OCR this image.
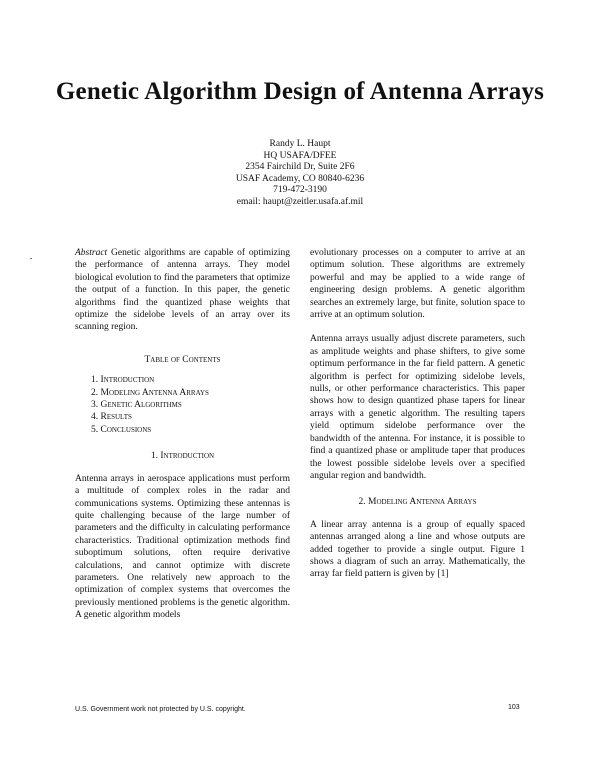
Genetic Algorithm Design of Antenna Arrays
Randy L. Haupt
HQ USAFA/DFEE
2354 Fairchild Dr, Suite 2F6
USAF Academy, CO 80840-6236
719-472-3190
email: haupt@zeitler.usafa.af.mil

Abstract Genetic algorithms are capable of optimizing the performance of antenna arrays. They model biological evolution to find the parameters that optimize the output of a function. In this paper, the genetic algorithms find the quantized phase weights that optimize the sidelobe levels of an array over its scanning region.

Table of Contents
1. Introduction
2. Modeling Antenna Arrays
3. Genetic Algorithms
4. Results
5. Conclusions
1. Introduction

Antenna arrays in aerospace applications must perform a multitude of complex roles in the radar and communications systems. Optimizing these antennas is quite challenging because of the large number of parameters and the difficulty in calculating performance characteristics. Traditional optimization methods find suboptimum solutions, often require derivative calculations, and cannot optimize with discrete parameters. One relatively new approach to the optimization of complex systems that overcomes the previously mentioned problems is the genetic algorithm. A genetic algorithm models

evolutionary processes on a computer to arrive at an optimum solution. These algorithms are extremely powerful and may be applied to a wide range of engineering design problems. A genetic algorithm searches an extremely large, but finite, solution space to arrive at an optimum solution.

Antenna arrays usually adjust discrete parameters, such as amplitude weights and phase shifters, to give some optimum performance in the far field pattern. A genetic algorithm is perfect for optimizing sidelobe levels, nulls, or other performance characteristics. This paper shows how to design quantized phase tapers for linear arrays with a genetic algorithm. The resulting tapers yield optimum sidelobe performance over the bandwidth of the antenna. For instance, it is possible to find a quantized phase or amplitude taper that produces the lowest possible sidelobe levels over a specified angular region and bandwidth.

2. Modeling Antenna Arrays

A linear array antenna is a group of equally spaced antennas arranged along a line and whose outputs are added together to provide a single output. Figure 1 shows a diagram of such an array. Mathematically, the array far field pattern is given by [1]

U.S. Government work not protected by U.S. copyright.	103
